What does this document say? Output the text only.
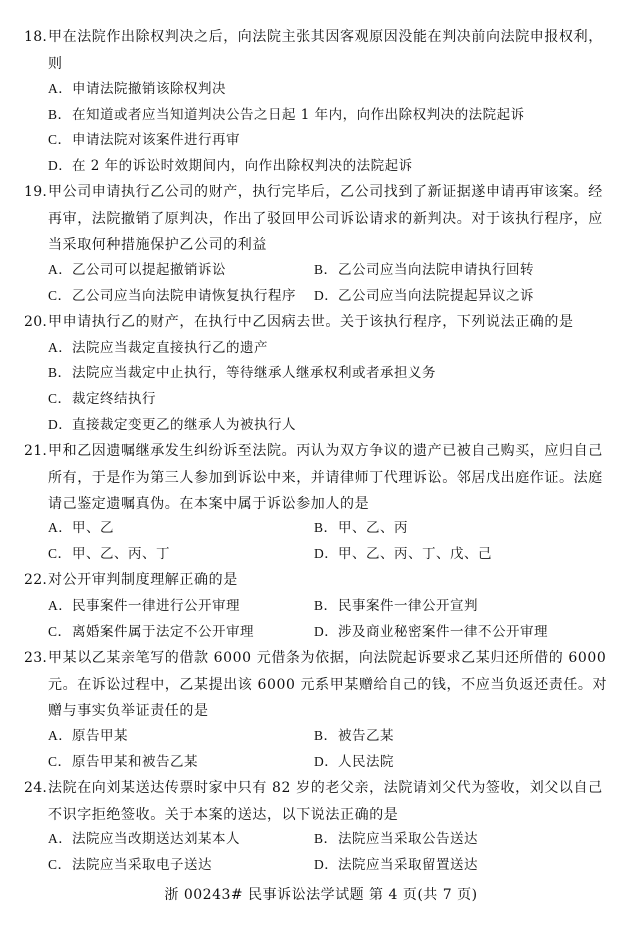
18. 甲在法院作出除权判决之后，向法院主张其因客观原因没能在判决前向法院申报权利，则
A．申请法院撤销该除权判决
B．在知道或者应当知道判决公告之日起 1 年内，向作出除权判决的法院起诉
C．申请法院对该案件进行再审
D．在 2 年的诉讼时效期间内，向作出除权判决的法院起诉
19. 甲公司申请执行乙公司的财产，执行完毕后，乙公司找到了新证据遂申请再审该案。经再审，法院撤销了原判决，作出了驳回甲公司诉讼请求的新判决。对于该执行程序，应当采取何种措施保护乙公司的利益
A．乙公司可以提起撤销诉讼	B．乙公司应当向法院申请执行回转
C．乙公司应当向法院申请恢复执行程序 D．乙公司应当向法院提起异议之诉
20. 甲申请执行乙的财产，在执行中乙因病去世。关于该执行程序，下列说法正确的是
A．法院应当裁定直接执行乙的遗产
B．法院应当裁定中止执行，等待继承人继承权利或者承担义务
C．裁定终结执行
D．直接裁定变更乙的继承人为被执行人
21. 甲和乙因遗嘱继承发生纠纷诉至法院。丙认为双方争议的遗产已被自己购买，应归自己所有，于是作为第三人参加到诉讼中来，并请律师丁代理诉讼。邻居戊出庭作证。法庭请己鉴定遗嘱真伪。在本案中属于诉讼参加人的是
A．甲、乙	B．甲、乙、丙
C．甲、乙、丙、丁	D．甲、乙、丙、丁、戊、己
22. 对公开审判制度理解正确的是
A．民事案件一律进行公开审理	B．民事案件一律公开宣判
C．离婚案件属于法定不公开审理	D．涉及商业秘密案件一律不公开审理
23. 甲某以乙某亲笔写的借款 6000 元借条为依据，向法院起诉要求乙某归还所借的 6000 元。在诉讼过程中，乙某提出该 6000 元系甲某赠给自己的钱，不应当负返还责任。对赠与事实负举证责任的是
A．原告甲某	B．被告乙某
C．原告甲某和被告乙某	D．人民法院
24. 法院在向刘某送达传票时家中只有 82 岁的老父亲，法院请刘父代为签收，刘父以自己不识字拒绝签收。关于本案的送达，以下说法正确的是
A．法院应当改期送达刘某本人	B．法院应当采取公告送达
C．法院应当采取电子送达	D．法院应当采取留置送达
浙 00243# 民事诉讼法学试题 第 4 页(共 7 页)
